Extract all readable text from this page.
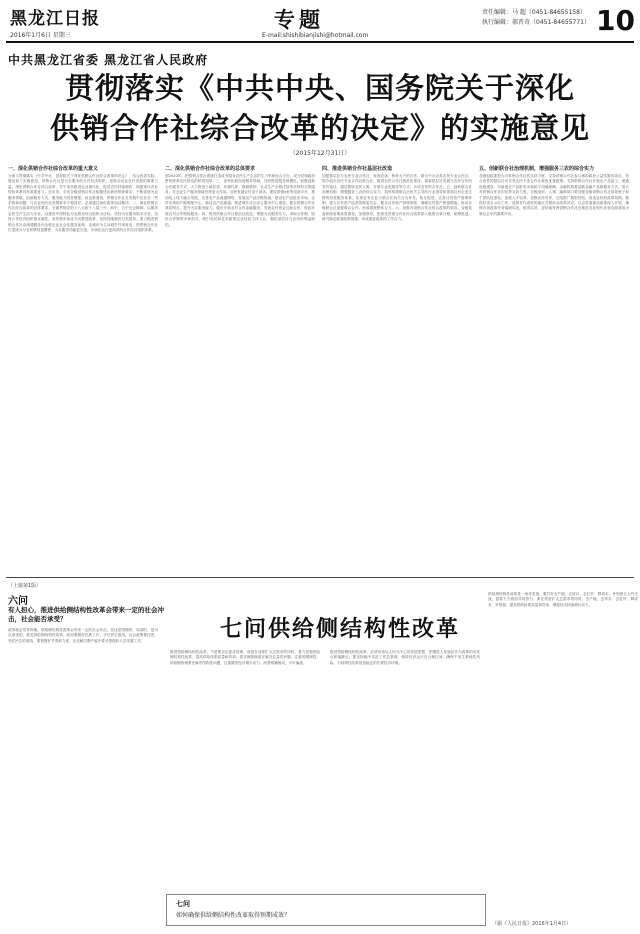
黑龙江日报
2016年1月6日 星期三
专题
E-mail:shishibianjishi@hotmail.com
责任编辑：马 超（0451-84655158）
执行编辑：郝晋奇（0451-84655771） 10
中共黑龙江省委 黑龙江省人民政府
贯彻落实《中共中央、国务院关于深化
供销合作社综合改革的决定》的实施意见
（2015年12月31日）
一、深化供销合作社综合改革的重大意义
为深入贯彻落实《中共中央、国务院关于深化供销合作社综合改革的决定》，结合我省实际，提出如下实施意见。供销合作社是为农服务的合作经济组织，是推动农业农村发展的重要力量。深化供销合作社综合改革，对于加快推进农业现代化、促进农民持续增收、构建现代农业经营体系具有重要意义。近年来，全省各级供销合作社积极适应新形势新要求，不断拓展为农服务领域，创新服务方式，服务能力明显增强。但也要看到，供销合作社在发展中还存在一些矛盾和问题，与农业现代化发展要求不相适应，必须通过深化改革加以解决。二、深化供销合作社综合改革的总体要求。全面贯彻党的十八大和十八届三中、四中、五中全会精神，以服务农民生产生活为宗旨，以建设中国特色为农服务综合组织为目标，坚持为农服务根本宗旨，坚持合作经济组织基本属性，坚持按市场化方向推进改革，坚持因地制宜分类指导，着力推进供销合作社由流通服务向全程农业社会化服务延伸，由城市为主向城乡并举转变，把供销合作社打造成为与农民联结更紧密、为农服务功能更完备、市场化运行更高效的合作经济组织体系。
二、深化供销合作社综合改革的总体要求
到2020年，把供销合作社系统打造成为服务农民生产生活的生力军和综合平台，成为党和政府密切联系农民群众的桥梁纽带。三、加快拓展经营服务领域，加快推进服务规模化。积极创新为农服务方式，大力推进土地托管、代耕代种、联耕联种、农业生产全程托管等多种形式的服务，在农业生产服务领域发挥更大作用。加快发展农村电子商务，建设供销e家等电商平台，推动线上线下融合发展，完善农产品流通网络，发展农产品冷链物流，建设农产品批发市场、农贸市场和产地集配中心，搞活农产品流通。推进城乡社区综合服务中心建设，健全供销合作社基层网点，提升为农服务能力。稳步开展农村合作金融服务，发展农村资金互助合作，规范开展农村合作保险服务。四、推进供销合作社基层社改造，增强为农服务实力。采取合作制、股份合作制等多种形式，吸引农民和各类新型农业经营主体入社，强化基层社与农民的利益联结。
四、推进供销合作社基层社改造
加强基层社与农民专业合作社、家庭农场、种养大户的合作，联合兴办各类农民专业合作社，领办创办农民专业合作社联合社，推进农民合作社规范化建设。探索基层社发展与农民合作的有效途径，通过吸收农民入股、开展专业化服务等方式，办成农民的合作社。五、创新联合社治理机制，增强服务三农的综合实力。加快构建联合社机关主导的行业指导体系和社有企业支撑的经营服务体系，实现社有企业与联合社机关互为补充、相互促进。完善社有资产管理体制，建立社有资产监督管理委员会，健全社有资产管理制度，确保社有资产保值增值。推动各级联合社加强联合合作，形成系统整体合力。六、加强对供销合作社综合改革的领导。各级党委和政府要高度重视，加强领导，把深化供销合作社综合改革纳入重要议事日程，统筹推进。研究制定配套政策措施，形成推进改革的工作合力。
五、创新联合社治理机制，增强服务三农的综合实力
各级财政要加大对供销合作社的支持力度，支持供销合作社参与承担政府公益性服务项目，符合条件的基层社可享受农民专业合作社税收优惠政策。支持供销合作社开展农产品加工、流通设施建设，对新建农产品批发市场给予用地保障。金融机构要创新金融产品和服务方式，加大对供销合作社的信贷支持力度。各级组织、人事、编制部门要加强各级供销合作社领导班子和干部队伍建设，加强人才培养。加强宣传引导，总结推广典型经验，营造良好的改革氛围。要抓好试点示范工作，选择有代表性的地区开展综合改革试点，以点带面推动改革深入开展，确保各项改革任务落到实处，取得实效，更好地发挥供销合作社在推进农业现代化和全面建成小康社会中的重要作用。
（上接第1版）
六问
有人担心，推进供给侧结构性改革会带来一定的社会冲击，社会能否承受？	七问供给侧结构性改革
改革就必然有阵痛。供给侧结构性改革会带来一定的社会冲击，但这是短期的、局部的，是可以承受的。推进供给侧结构性改革，政府要做好托底工作，守住民生底线，社会政策要托底，兜住民生的底线，要把握好节奏和力度，在化解过剩产能中要妥善做好人员安置工作。
推进供给侧结构性改革，不是要否定需求管理，而是在适度扩大总需求的同时，着力加强供给侧结构性改革，提高供给体系质量和效率。需求侧管理重在解决总量性问题，注重短期调控，供给侧管理重在解决结构性问题，注重激发经济增长动力。两者相辅相成，不可偏废。
推进供给侧结构性改革，必须坚持以人民为中心的发展思想，把增进人民福祉作为改革的出发点和落脚点。要坚持稳中求进工作总基调，保持经济运行在合理区间，确保不发生系统性风险，为结构性改革营造稳定的宏观经济环境。
供给侧结构性改革是一场攻坚战，要打好去产能、去库存、去杠杆、降成本、补短板五大歼灭战，需要方方面面共同努力。要在适度扩大总需求的同时，去产能、去库存、去杠杆、降成本、补短板，提高供给体系质量和效率，增强经济持续增长动力。
七问
如何确保供给侧结构性改革取得预期成效？
（据《人民日报》2016年1月4日）
